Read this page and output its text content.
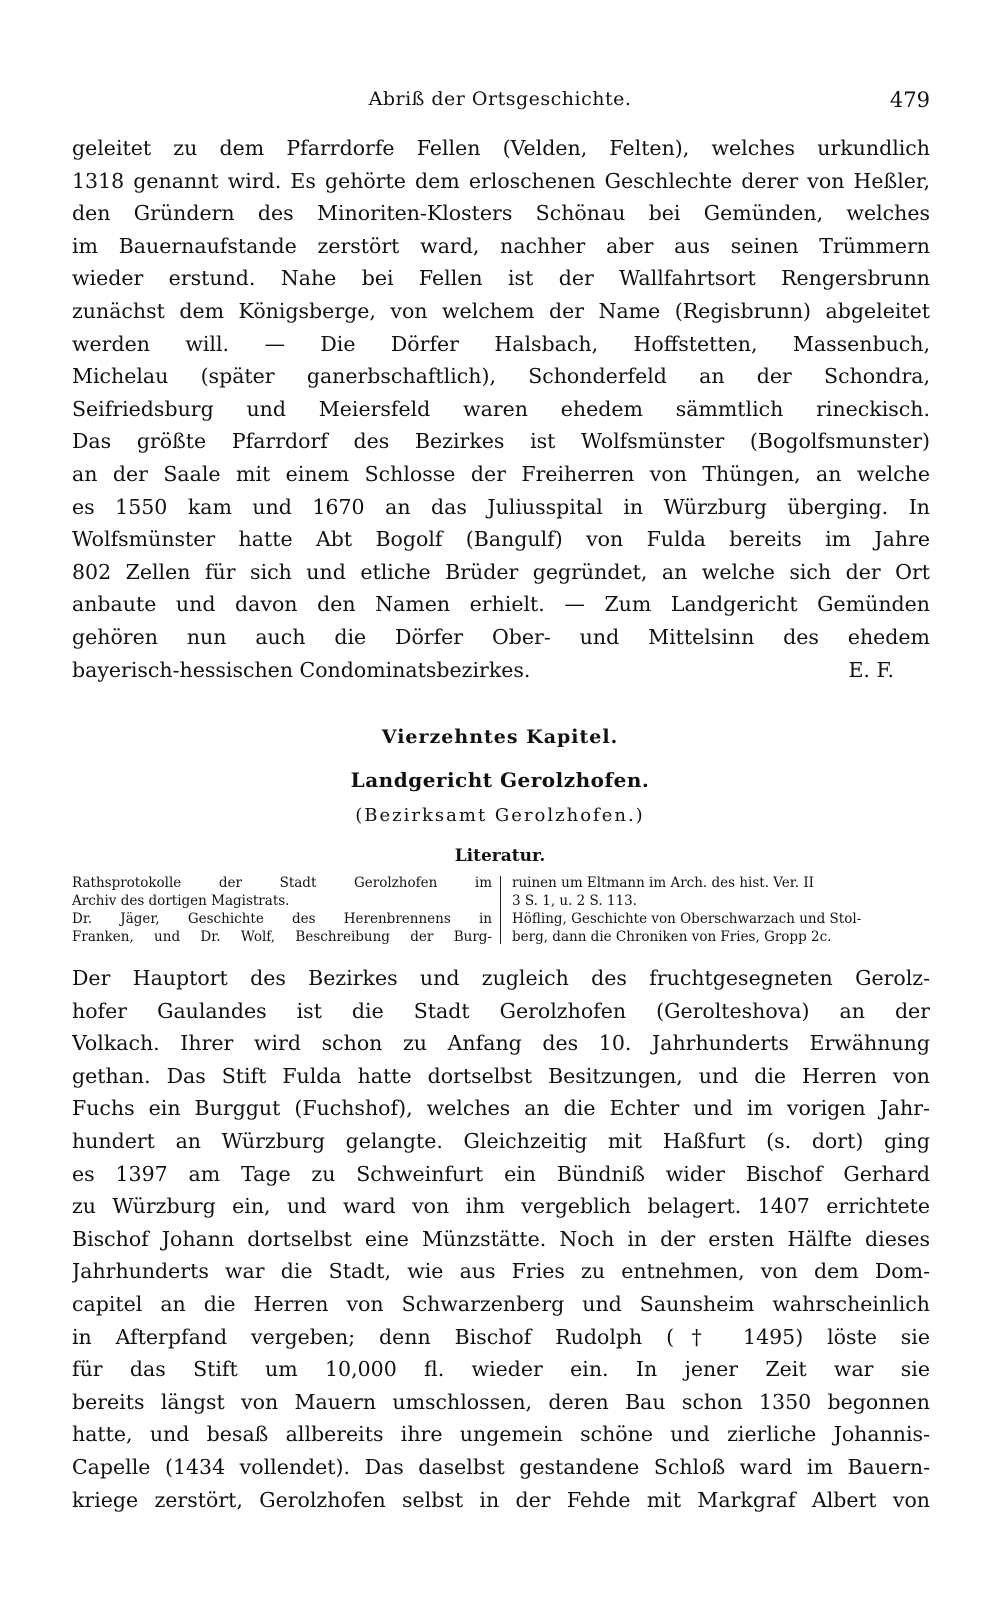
Abriß der Ortsgeschichte.	479
geleitet zu dem Pfarrdorfe Fellen (Velden, Felten), welches urkundlich
1318 genannt wird. Es gehörte dem erloschenen Geschlechte derer von Heßler,
den Gründern des Minoriten-Klosters Schönau bei Gemünden, welches
im Bauernaufstande zerstört ward, nachher aber aus seinen Trümmern
wieder erstund. Nahe bei Fellen ist der Wallfahrtsort Rengersbrunn
zunächst dem Königsberge, von welchem der Name (Regisbrunn) abgeleitet
werden will. — Die Dörfer Halsbach, Hoffstetten, Massenbuch,
Michelau (später ganerbschaftlich), Schonderfeld an der Schondra,
Seifriedsburg und Meiersfeld waren ehedem sämmtlich rineckisch.
Das größte Pfarrdorf des Bezirkes ist Wolfsmünster (Bogolfsmunster)
an der Saale mit einem Schlosse der Freiherren von Thüngen, an welche
es 1550 kam und 1670 an das Juliusspital in Würzburg überging. In
Wolfsmünster hatte Abt Bogolf (Bangulf) von Fulda bereits im Jahre
802 Zellen für sich und etliche Brüder gegründet, an welche sich der Ort
anbaute und davon den Namen erhielt. — Zum Landgericht Gemünden
gehören nun auch die Dörfer Ober- und Mittelsinn des ehedem
bayerisch-hessischen Condominatsbezirkes.	E. F.
Vierzehntes Kapitel.
Landgericht Gerolzhofen.
(Bezirksamt Gerolzhofen.)
Literatur.
Rathsprotokolle der Stadt Gerolzhofen im
Archiv des dortigen Magistrats.
Dr. Jäger, Geschichte des Herenbrennens in
Franken, und Dr. Wolf, Beschreibung der Burg-
ruinen um Eltmann im Arch. des hist. Ver. II
3 S. 1, u. 2 S. 113.
Höfling, Geschichte von Oberschwarzach und Stol-
berg, dann die Chroniken von Fries, Gropp 2c.
Der Hauptort des Bezirkes und zugleich des fruchtgesegneten Gerolz-
hofer Gaulandes ist die Stadt Gerolzhofen (Gerolteshova) an der
Volkach. Ihrer wird schon zu Anfang des 10. Jahrhunderts Erwähnung
gethan. Das Stift Fulda hatte dortselbst Besitzungen, und die Herren von
Fuchs ein Burggut (Fuchshof), welches an die Echter und im vorigen Jahr-
hundert an Würzburg gelangte. Gleichzeitig mit Haßfurt (s. dort) ging
es 1397 am Tage zu Schweinfurt ein Bündniß wider Bischof Gerhard
zu Würzburg ein, und ward von ihm vergeblich belagert. 1407 errichtete
Bischof Johann dortselbst eine Münzstätte. Noch in der ersten Hälfte dieses
Jahrhunderts war die Stadt, wie aus Fries zu entnehmen, von dem Dom-
capitel an die Herren von Schwarzenberg und Saunsheim wahrscheinlich
in Afterpfand vergeben; denn Bischof Rudolph († 1495) löste sie
für das Stift um 10,000 fl. wieder ein. In jener Zeit war sie
bereits längst von Mauern umschlossen, deren Bau schon 1350 begonnen
hatte, und besaß allbereits ihre ungemein schöne und zierliche Johannis-
Capelle (1434 vollendet). Das daselbst gestandene Schloß ward im Bauern-
kriege zerstört, Gerolzhofen selbst in der Fehde mit Markgraf Albert von
